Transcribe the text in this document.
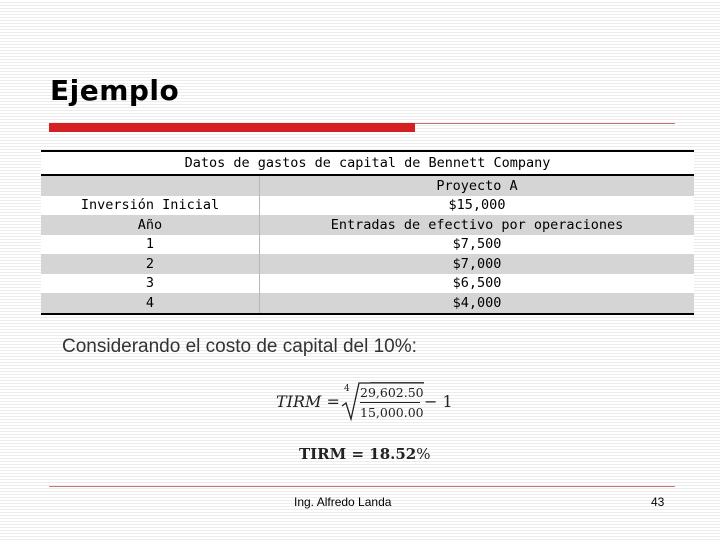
Ejemplo
Datos de gastos de capital de Bennett Company	
	Proyecto A
Inversión Inicial	$15,000
Año	Entradas de efectivo por operaciones
1	$7,500
2	$7,000
3	$6,500
4	$4,000
Considerando el costo de capital del 10%:
TIRM =
4 29,602.50
15,000.00
− 1
TIRM = 18.52%
Ing. Alfredo Landa	43
